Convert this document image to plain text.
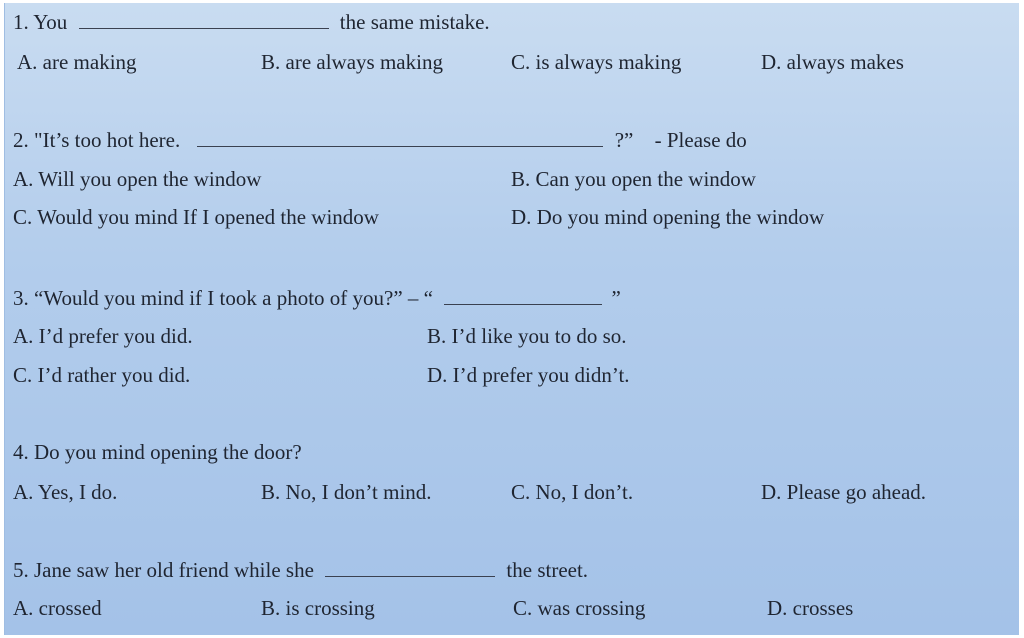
1. You	the same mistake.
A. are making	B. are always making	C. is always making	D. always makes
2. "It’s too hot here.	?” - Please do
A. Will you open the window	B. Can you open the window
C. Would you mind If I opened the window	D. Do you mind opening the window
3. “Would you mind if I took a photo of you?” – “	”
A. I’d prefer you did.	B. I’d like you to do so.
C. I’d rather you did.	D. I’d prefer you didn’t.
4. Do you mind opening the door?
A. Yes, I do.	B. No, I don’t mind.	C. No, I don’t.	D. Please go ahead.
5. Jane saw her old friend while she	the street.
A. crossed	B. is crossing	C. was crossing	D. crosses
